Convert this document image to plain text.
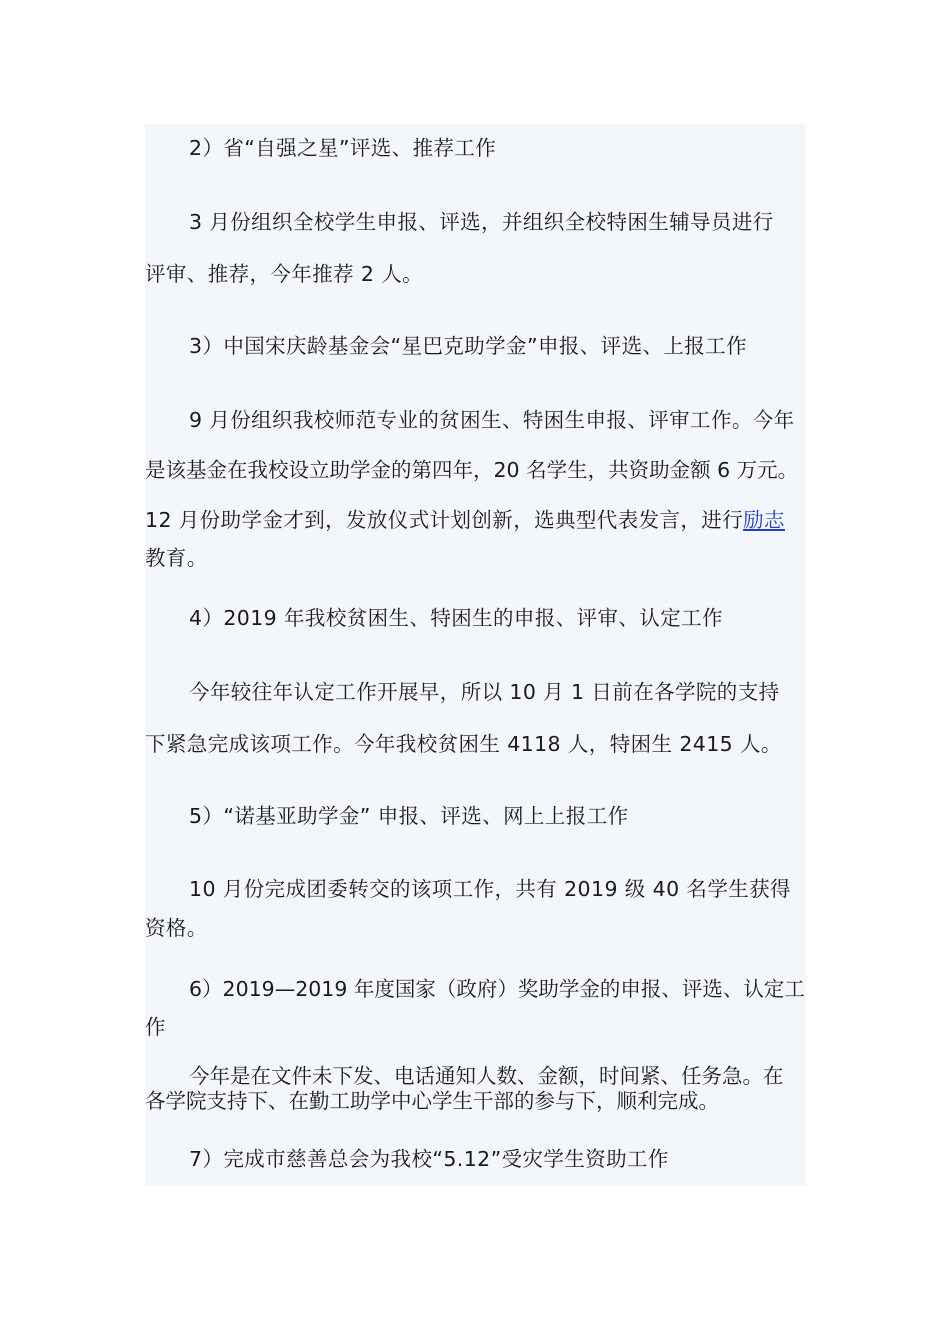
2）省“自强之星”评选、推荐工作

3 月份组织全校学生申报、评选，并组织全校特困生辅导员进行

评审、推荐，今年推荐 2 人。

3）中国宋庆龄基金会“星巴克助学金”申报、评选、上报工作

9 月份组织我校师范专业的贫困生、特困生申报、评审工作。今年

是该基金在我校设立助学金的第四年，20 名学生，共资助金额 6 万元。

12 月份助学金才到，发放仪式计划创新，选典型代表发言，进行励志

教育。

4）2019 年我校贫困生、特困生的申报、评审、认定工作

今年较往年认定工作开展早，所以 10 月 1 日前在各学院的支持

下紧急完成该项工作。今年我校贫困生 4118 人，特困生 2415 人。

5）“诺基亚助学金” 申报、评选、网上上报工作

10 月份完成团委转交的该项工作，共有 2019 级 40 名学生获得

资格。

6）2019—2019 年度国家（政府）奖助学金的申报、评选、认定工

作

今年是在文件未下发、电话通知人数、金额，时间紧、任务急。在

各学院支持下、在勤工助学中心学生干部的参与下，顺利完成。

7）完成市慈善总会为我校“5.12”受灾学生资助工作
